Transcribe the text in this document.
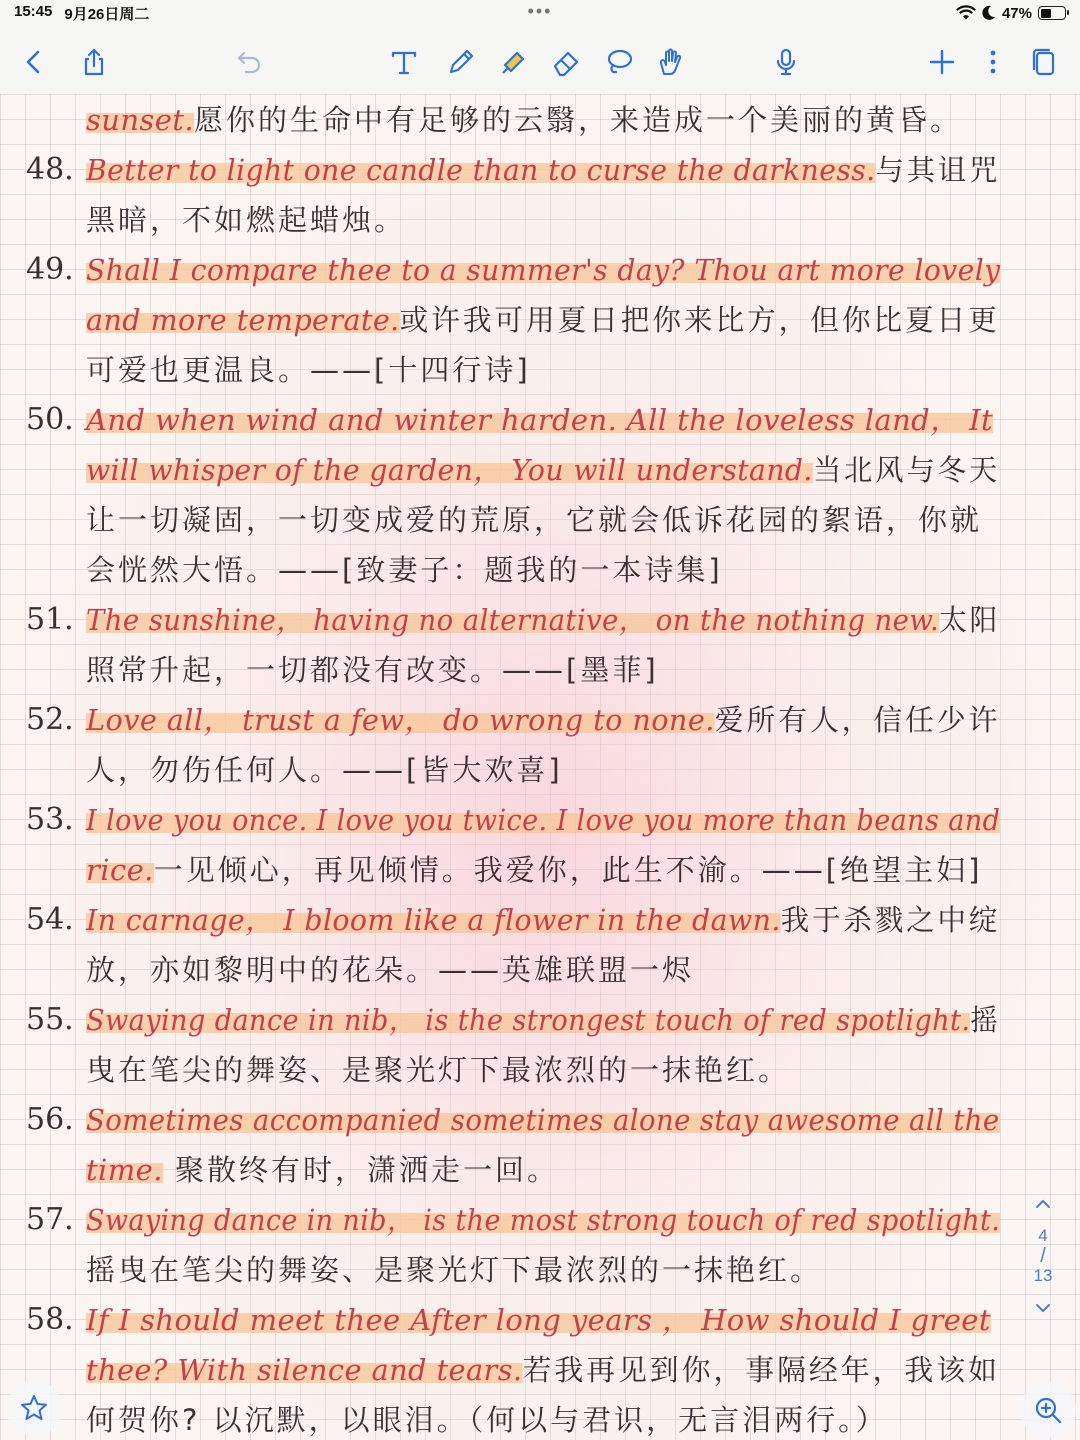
15:45 9月26日周二	•••	47%
sunset.愿你的生命中有足够的云翳，来造成一个美丽的黄昏。
48. Better to light one candle than to curse the darkness.与其诅咒
黑暗，不如燃起蜡烛。
49. Shall I compare thee to a summer's day? Thou art more lovely
and more temperate.或许我可用夏日把你来比方，但你比夏日更
可爱也更温良。——[十四行诗]
50. And when wind and winter harden. All the loveless land， It
will whisper of the garden， You will understand.当北风与冬天
让一切凝固，一切变成爱的荒原，它就会低诉花园的絮语，你就
会恍然大悟。——[致妻子：题我的一本诗集]
51. The sunshine， having no alternative， on the nothing new.太阳
照常升起，一切都没有改变。——[墨菲]
52. Love all， trust a few， do wrong to none.爱所有人，信任少许
人，勿伤任何人。——[皆大欢喜]
53. I love you once. I love you twice. I love you more than beans and
rice.一见倾心，再见倾情。我爱你，此生不渝。——[绝望主妇]
54. In carnage， I bloom like a flower in the dawn.我于杀戮之中绽
放，亦如黎明中的花朵。——英雄联盟一烬
55. Swaying dance in nib， is the strongest touch of red spotlight.摇
曳在笔尖的舞姿、是聚光灯下最浓烈的一抹艳红。
56. Sometimes accompanied sometimes alone stay awesome all the
time. 聚散终有时，潇洒走一回。
57. Swaying dance in nib， is the most strong touch of red spotlight.
摇曳在笔尖的舞姿、是聚光灯下最浓烈的一抹艳红。
58. If I should meet thee After long years ， How should I greet
thee? With silence and tears.若我再见到你，事隔经年，我该如
何贺你? 以沉默，以眼泪。（何以与君识，无言泪两行。）
4
/
13
